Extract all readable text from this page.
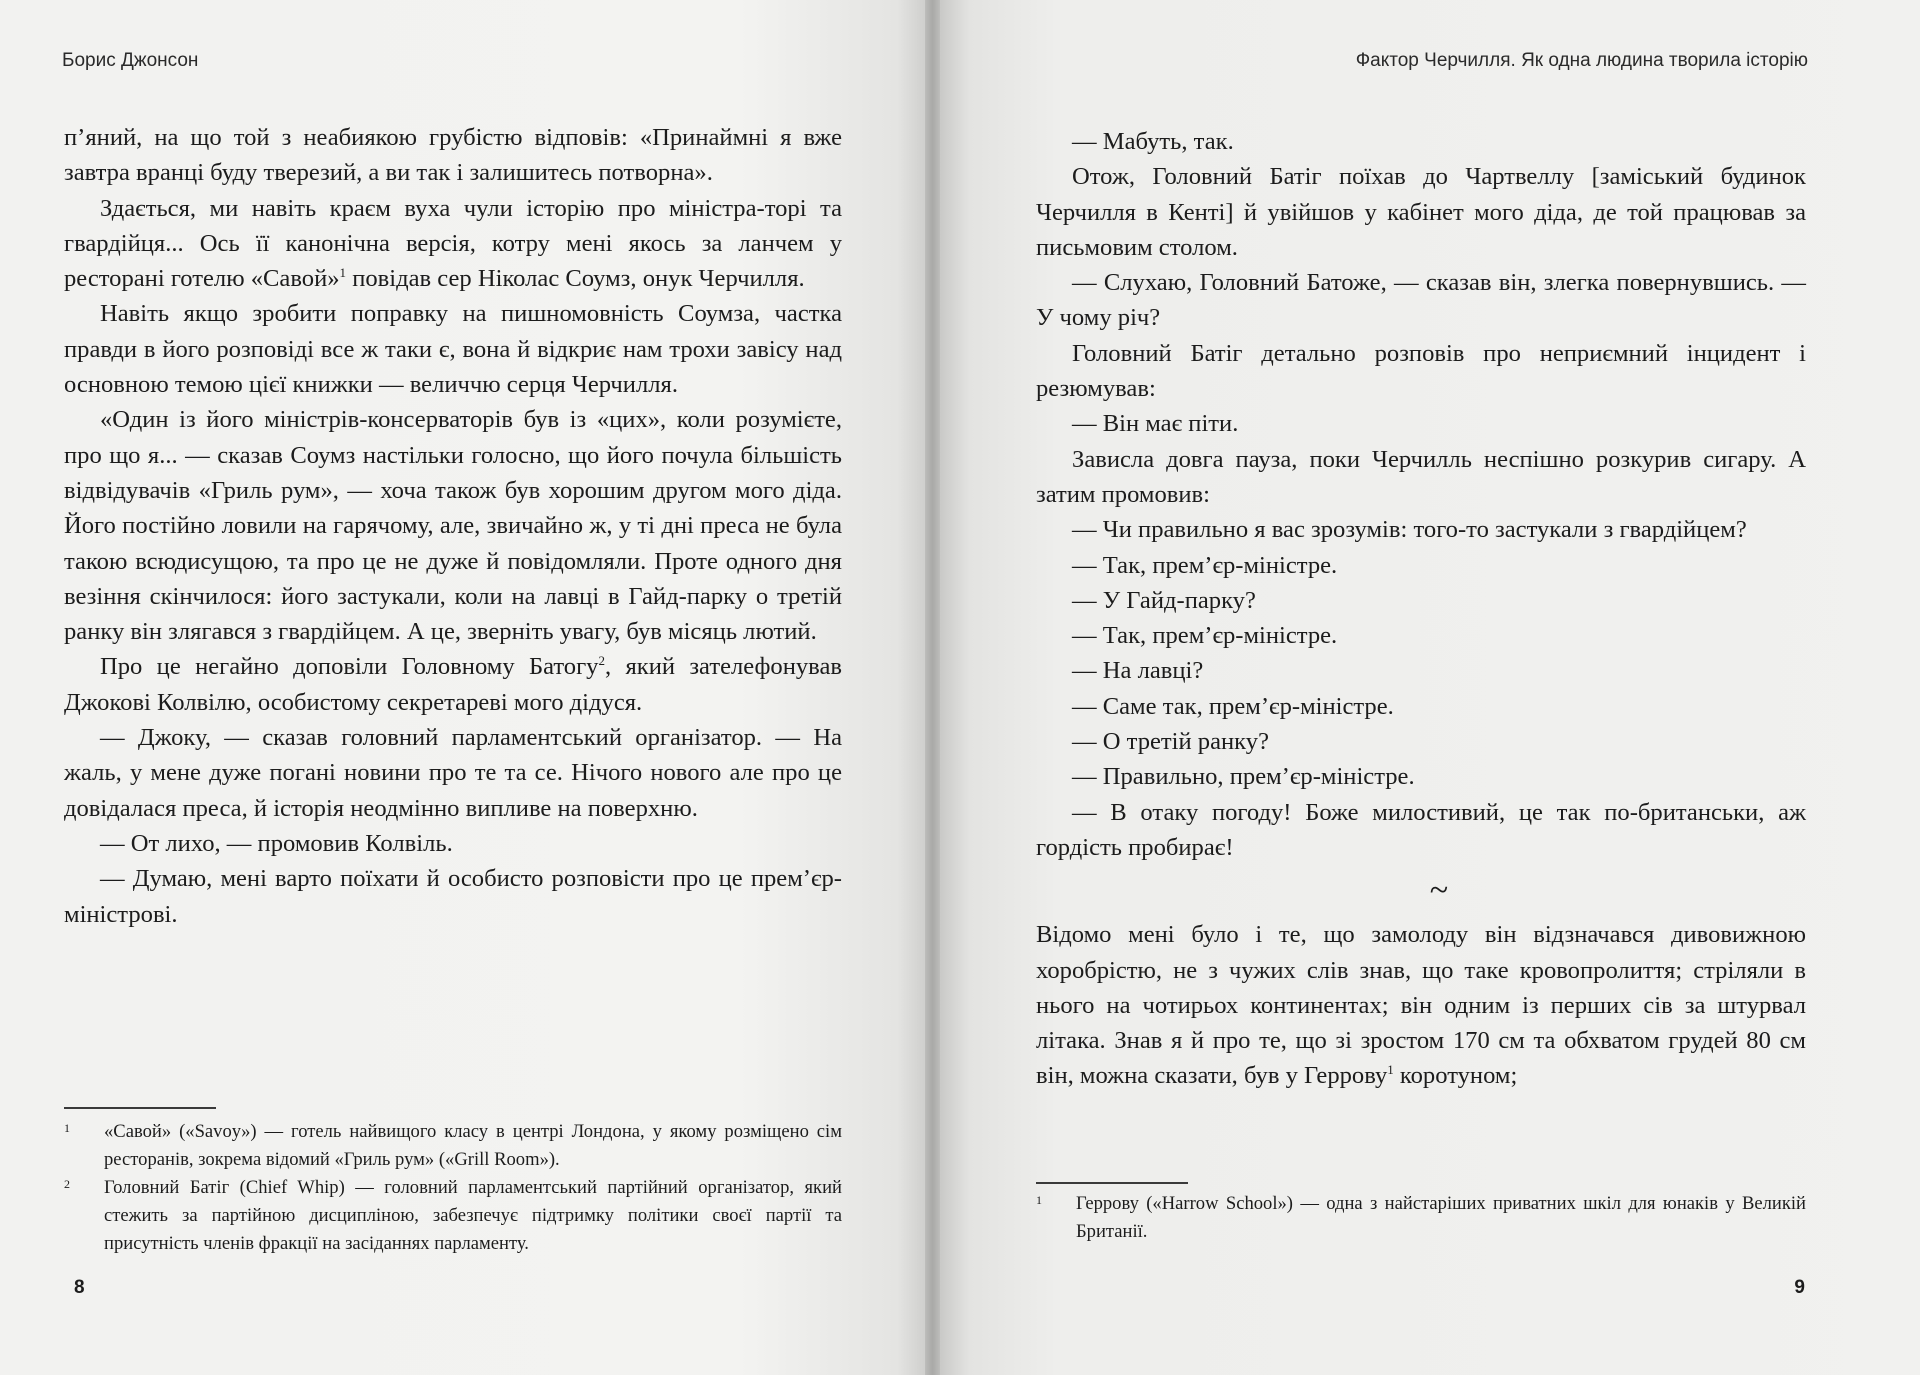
Борис Джонсон

п’яний, на що той з неабиякою грубістю відповів: «Принаймні я вже завтра вранці буду тверезий, а ви так і залишитесь потворна».

Здається, ми навіть краєм вуха чули історію про міністра-торі та гвардійця... Ось її канонічна версія, котру мені якось за ланчем у ресторані готелю «Савой»$^1$ повідав сер Ніколас Соумз, онук Черчилля.

Навіть якщо зробити поправку на пишномовність Соумза, частка правди в його розповіді все ж таки є, вона й відкриє нам трохи завісу над основною темою цієї книжки — величчю серця Черчилля.

«Один із його міністрів-консерваторів був із «цих», коли розумієте, про що я... — сказав Соумз настільки голосно, що його почула більшість відвідувачів «Гриль рум», — хоча також був хорошим другом мого діда. Його постійно ловили на гарячому, але, звичайно ж, у ті дні преса не була такою всюдисущою, та про це не дуже й повідомляли. Проте одного дня везіння скінчилося: його застукали, коли на лавці в Гайд-парку о третій ранку він злягався з гвардійцем. А це, зверніть увагу, був місяць лютий.

Про це негайно доповіли Головному Батогу$^2$, який зателефонував Джокові Колвілю, особистому секретареві мого дідуся.

— Джоку, — сказав головний парламентський організатор. — На жаль, у мене дуже погані новини про те та се. Нічого нового але про це довідалася преса, й історія неодмінно випливе на поверхню.

— От лихо, — промовив Колвіль.

— Думаю, мені варто поїхати й особисто розповісти про це прем’єр-міністрові.

1	«Савой» («Savoy») — готель найвищого класу в центрі Лондона, у якому розміщено сім ресторанів, зокрема відомий «Гриль рум» («Grill Room»).
2	Головний Батіг (Chief Whip) — головний парламентський партійний організатор, який стежить за партійною дисципліною, забезпечує підтримку політики своєї партії та присутність членів фракції на засіданнях парламенту.
8
Фактор Черчилля. Як одна людина творила історію

— Мабуть, так.

Отож, Головний Батіг поїхав до Чартвеллу [заміський будинок Черчилля в Кенті] й увійшов у кабінет мого діда, де той працював за письмовим столом.

— Слухаю, Головний Батоже, — сказав він, злегка повернувшись. — У чому річ?

Головний Батіг детально розповів про неприємний інцидент і резюмував:

— Він має піти.

Зависла довга пауза, поки Черчилль неспішно розкурив сигару. А затим промовив:

— Чи правильно я вас зрозумів: того-то застукали з гвардійцем?

— Так, прем’єр-міністре.

— У Гайд-парку?

— Так, прем’єр-міністре.

— На лавці?

— Саме так, прем’єр-міністре.

— О третій ранку?

— Правильно, прем’єр-міністре.

— В отаку погоду! Боже милостивий, це так по-британськи, аж гордість пробирає!

~

Відомо мені було і те, що замолоду він відзначався дивовижною хоробрістю, не з чужих слів знав, що таке кровопролиття; стріляли в нього на чотирьох континентах; він одним із перших сів за штурвал літака. Знав я й про те, що зі зростом 170 см та обхватом грудей 80 см він, можна сказати, був у Геррову$^1$ коротуном;

1	Геррову («Harrow School») — одна з найстаріших приватних шкіл для юнаків у Великій Британії.
9
